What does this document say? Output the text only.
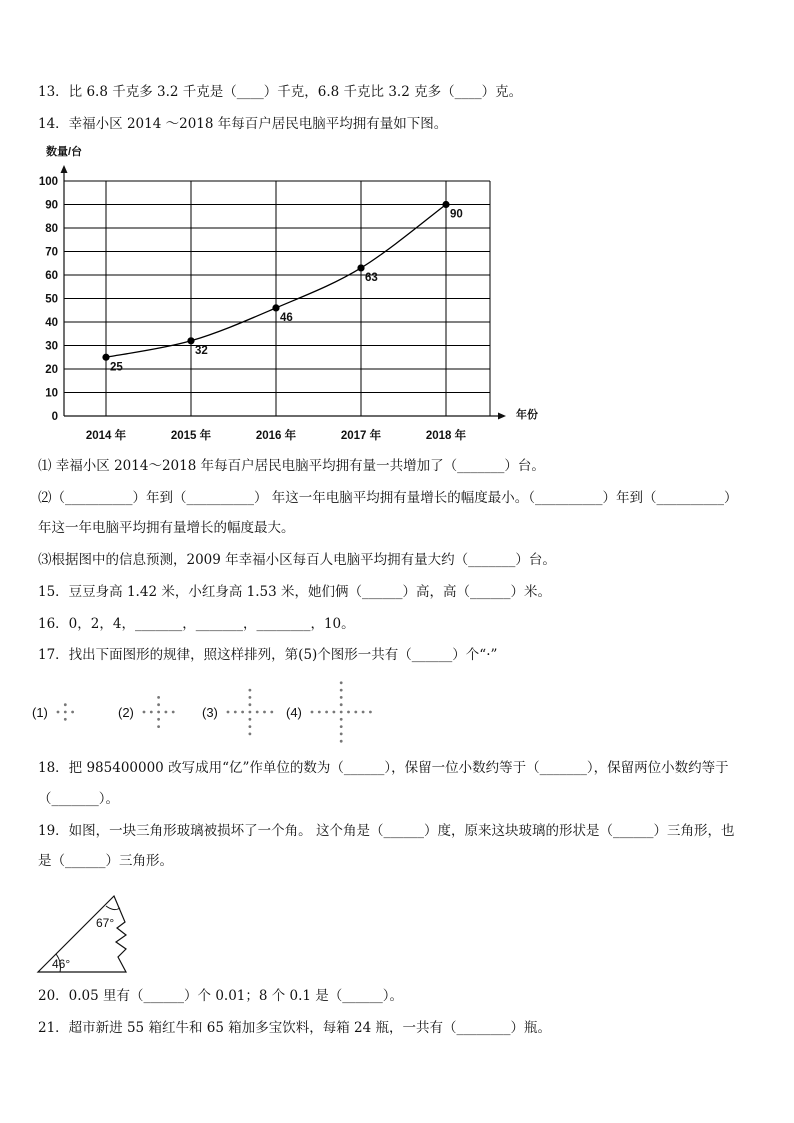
13．比 6.8 千克多 3.2 千克是（____）千克，6.8 千克比 3.2 克多（____）克。
14．幸福小区 2014 ～2018 年每百户居民电脑平均拥有量如下图。
0
10
20
30
40
50
60
70
80
90
100
2014 年	2015 年	2016 年	2017 年	2018 年
数量/台
年份
25
32
46
63
90
⑴ 幸福小区 2014～2018 年每百户居民电脑平均拥有量一共增加了（_______）台。
⑵（__________）年到（__________） 年这一年电脑平均拥有量增长的幅度最小。（__________）年到（__________）
年这一年电脑平均拥有量增长的幅度最大。
⑶根据图中的信息预测，2009 年幸福小区每百人电脑平均拥有量大约（_______）台。
15．豆豆身高 1.42 米，小红身高 1.53 米，她们俩（______）高，高（______）米。
16．0，2，4，_______，_______，________，10。
17．找出下面图形的规律，照这样排列，第(5)个图形一共有（______）个“·”
(1)	(2)	(3)	(4)
18．把 985400000 改写成用“亿”作单位的数为（______），保留一位小数约等于（_______），保留两位小数约等于
（_______）。
19．如图，一块三角形玻璃被损坏了一个角。 这个角是（______）度，原来这块玻璃的形状是（______）三角形，也
是（______）三角形。
67°
46°
20．0.05 里有（______）个 0.01；8 个 0.1 是（______）。
21．超市新进 55 箱红牛和 65 箱加多宝饮料，每箱 24 瓶，一共有（________）瓶。
